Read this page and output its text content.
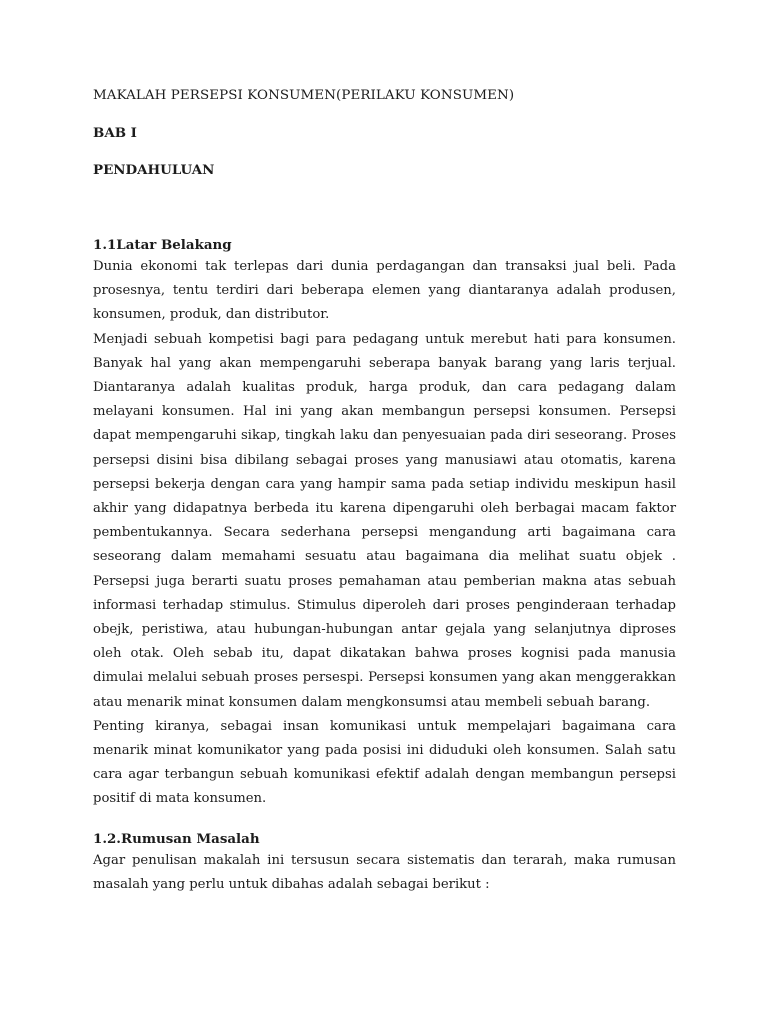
MAKALAH PERSEPSI KONSUMEN(PERILAKU KONSUMEN)
BAB I
PENDAHULUAN
1.1Latar Belakang

Dunia ekonomi tak terlepas dari dunia perdagangan dan transaksi jual beli. Pada prosesnya, tentu terdiri dari beberapa elemen yang diantaranya adalah produsen, konsumen, produk, dan distributor.

Menjadi sebuah kompetisi bagi para pedagang untuk merebut hati para konsumen. Banyak hal yang akan mempengaruhi seberapa banyak barang yang laris terjual. Diantaranya adalah kualitas produk, harga produk, dan cara pedagang dalam melayani konsumen. Hal ini yang akan membangun persepsi konsumen. Persepsi dapat mempengaruhi sikap, tingkah laku dan penyesuaian pada diri seseorang. Proses persepsi disini bisa dibilang sebagai proses yang manusiawi atau otomatis, karena persepsi bekerja dengan cara yang hampir sama pada setiap individu meskipun hasil akhir yang didapatnya berbeda itu karena dipengaruhi oleh berbagai macam faktor pembentukannya. Secara sederhana persepsi mengandung arti bagaimana cara seseorang dalam memahami sesuatu atau bagaimana dia melihat suatu objek . Persepsi juga berarti suatu proses pemahaman atau pemberian makna atas sebuah informasi terhadap stimulus. Stimulus diperoleh dari proses penginderaan terhadap obejk, peristiwa, atau hubungan-hubungan antar gejala yang selanjutnya diproses oleh otak. Oleh sebab itu, dapat dikatakan bahwa proses kognisi pada manusia dimulai melalui sebuah proses persespi. Persepsi konsumen yang akan menggerakkan atau menarik minat konsumen dalam mengkonsumsi atau membeli sebuah barang.

Penting kiranya, sebagai insan komunikasi untuk mempelajari bagaimana cara menarik minat komunikator yang pada posisi ini diduduki oleh konsumen. Salah satu cara agar terbangun sebuah komunikasi efektif adalah dengan membangun persepsi positif di mata konsumen.

1.2.Rumusan Masalah

Agar penulisan makalah ini tersusun secara sistematis dan terarah, maka rumusan masalah yang perlu untuk dibahas adalah sebagai berikut :
